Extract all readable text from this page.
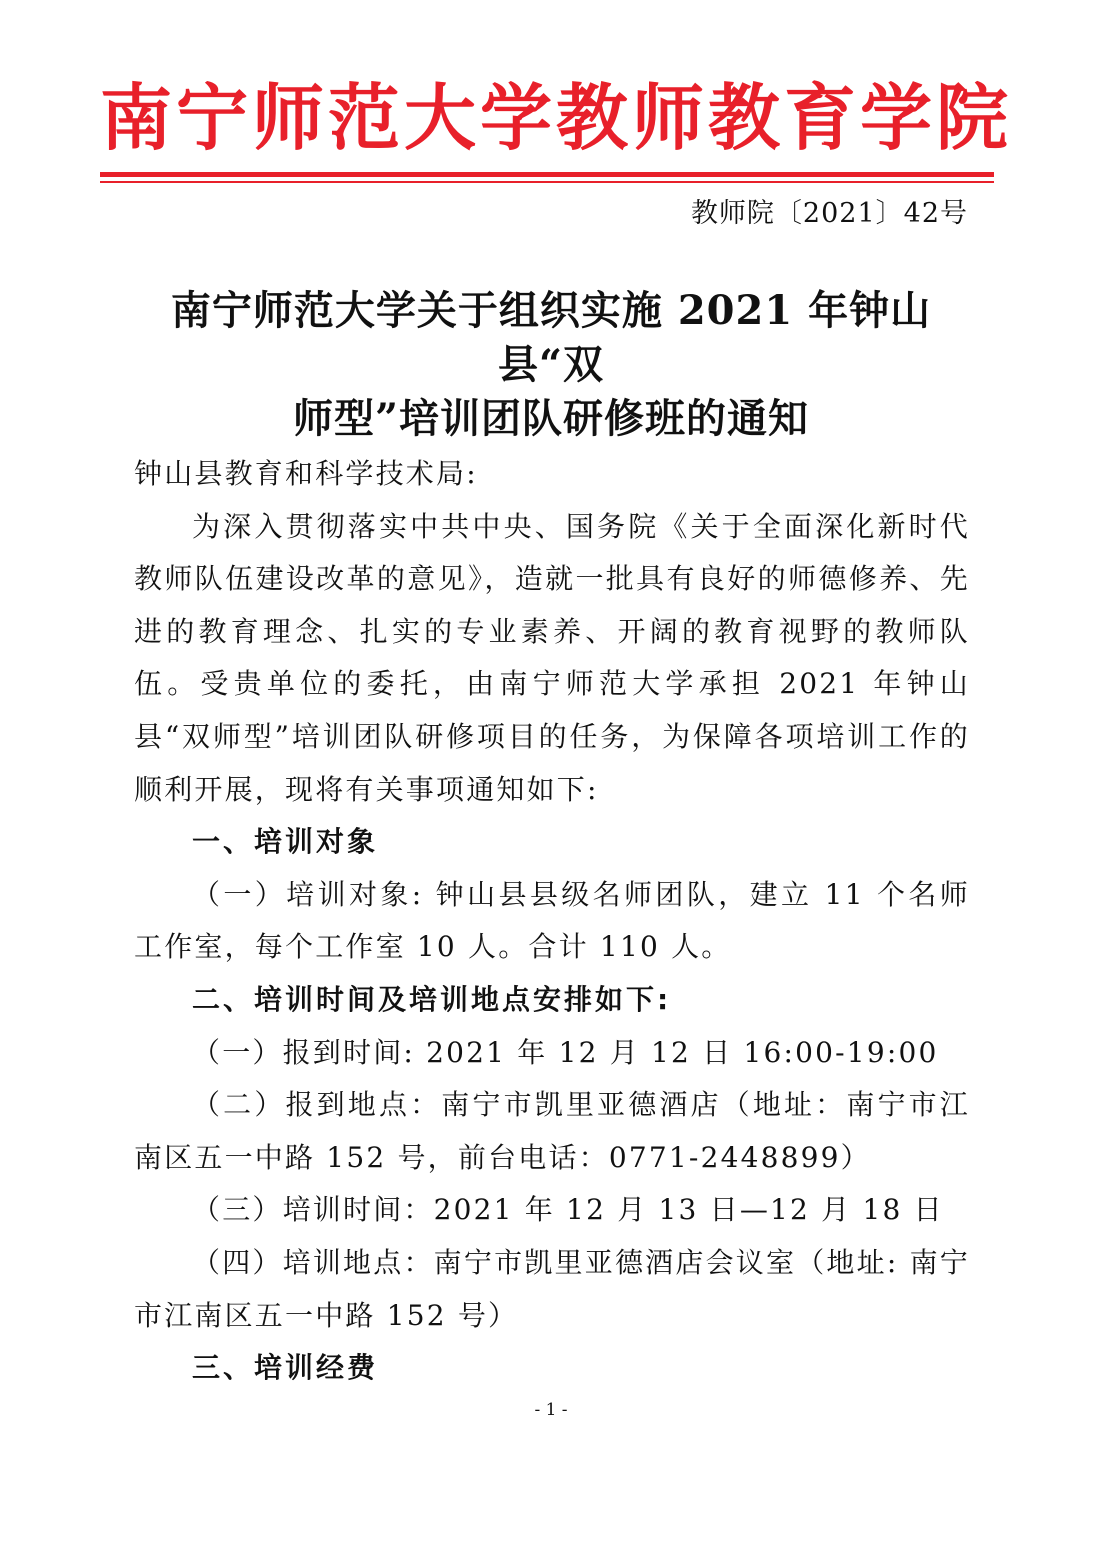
南宁师范大学教师教育学院
教师院〔2021〕42号
南宁师范大学关于组织实施 2021 年钟山县“双
师型”培训团队研修班的通知

钟山县教育和科学技术局:

为深入贯彻落实中共中央、国务院《关于全面深化新时代教师队伍建设改革的意见》，造就一批具有良好的师德修养、先进的教育理念、扎实的专业素养、开阔的教育视野的教师队伍。受贵单位的委托，由南宁师范大学承担 2021 年钟山县“双师型”培训团队研修项目的任务，为保障各项培训工作的顺利开展，现将有关事项通知如下:

一、培训对象

（一）培训对象: 钟山县县级名师团队，建立 11 个名师工作室，每个工作室 10 人。合计 110 人。

二、培训时间及培训地点安排如下:

（一）报到时间: 2021 年 12 月 12 日 16:00-19:00

（二）报到地点：南宁市凯里亚德酒店（地址：南宁市江南区五一中路 152 号，前台电话：0771-2448899）

（三）培训时间：2021 年 12 月 13 日—12 月 18 日

（四）培训地点：南宁市凯里亚德酒店会议室（地址: 南宁市江南区五一中路 152 号）

三、培训经费

- 1 -
